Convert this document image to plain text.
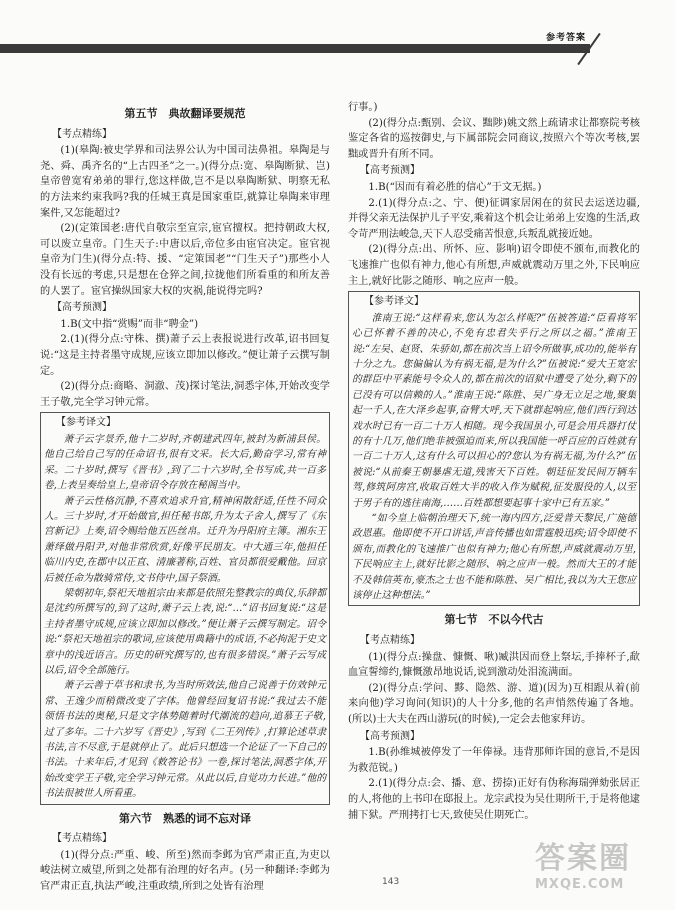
参考答案
第五节　典故翻译要规范
【考点精练】

(1)(皋陶:被史学界和司法界公认为中国司法鼻祖。皋陶是与尧、舜、禹齐名的“上古四圣”之一。)(得分点:宽、皋陶断狱、岂)皇帝曾宽宥弟弟的罪行,您这样做,岂不是以皋陶断狱、明察无私的方法来约束我吗?我的任城王真是国家重臣,就算让皋陶来审理案件,又怎能超过?

(2)(定策国老:唐代自敬宗至宣宗,宦官擅权。把持朝政大权,可以废立皇帝。门生天子:中唐以后,帝位多由宦官决定。宦官视皇帝为门生)(得分点:特、援、“定策国老”“门生天子”)那些小人没有长远的考虑,只是想在仓猝之间,拉拢他们所看重的和所友善的人罢了。宦官操纵国家大权的灾祸,能说得完吗?

【高考预测】

1.B(文中指“赏赐”而非“聘金”)

2.(1)(得分点:守株、撰)萧子云上表报说进行改革,诏书回复说:“这是主持者墨守成规,应该立即加以修改。”便让萧子云撰写制定。

(2)(得分点:商略、洞澈、茂)探讨笔法,洞悉字体,开始改变学王子敬,完全学习钟元常。

【参考译文】

萧子云字景乔,他十二岁时,齐朝建武四年,被封为新浦县侯。他自己给自己写的任命诏书,很有文采。长大后,勤奋学习,常有神采。二十岁时,撰写《晋书》,到了二十六岁时,全书写成,共一百多卷,上表呈奏给皇上,皇帝诏令存放在秘阁当中。

萧子云性格沉静,不喜欢追求升官,精神闲散舒适,任性不同众人。三十岁时,才开始做官,担任秘书郎,升为太子舍人,撰写了《东宫新记》上奏,诏令赐给他五匹丝帛。迁升为丹阳府主簿。湘东王萧绎做丹阳尹,对他非常欣赏,好像平民朋友。中大通三年,他担任临川内史,在郡中以正直、清廉著称,百姓、官员都很爱戴他。回京后被任命为散骑常侍,文书侍中,国子祭酒。

梁朝初年,祭祀天地祖宗由来都是依照先整教宗的典仪,乐辞都是沈约所撰写的,到了这时,萧子云上表,说:“…”诏书回复说:“这是主持者墨守成规,应该立即加以修改。”便让萧子云撰写制定。诏令说:“祭祀天地祖宗的歌词,应该使用典籍中的成语,不必拘泥于史文章中的浅近语言。历史的研究撰写的,也有很多错误。”萧子云写成以后,诏令全部施行。

萧子云善于草书和隶书,为当时所效法,他自己说善于仿效钟元常、王逸少而稍微改变了字体。他曾经回复诏书说:“我过去不能领悟书法的奥秘,只是文字体势随着时代潮流的趋向,追慕王子敬,过了多年。二十六岁写《晋史》,写到《二王列传》,打算论述草隶书法,言不尽意,于是就停止了。此后只想选一个论证了一下自己的书法。十来年后,才见到《敕答论书》一卷,探讨笔法,洞悉字体,开始改变学王子敬,完全学习钟元常。从此以后,自觉功力长进。”他的书法很被世人所看重。

第六节　熟悉的词不忘对译
【考点精练】

(1)(得分点:严重、峻、所至)然而李邺为官严肃正直,为吏以峻法树立威望,所到之处都有治理的好名声。(另一种翻译:李邺为官严肃正直,执法严峻,注重政绩,所到之处皆有治理

行事。)

(2)(得分点:甄别、会议、黜陟)姚文然上疏请求让都察院考核鉴定各省的巡按御史,与下属部院会同商议,按照六个等次考核,罢黜或晋升有所不同。

【高考预测】

1.B(“因而有着必胜的信心”于文无据。)

2.(1)(得分点:之、宁、便)征调家居闲在的贫民去运送边疆,并得父亲无法保护儿子平安,乘着这个机会让弟弟上安逸的生活,政令苛严刑法峻急,天下人忍受痛苦恨意,兵叛乱就接近她。

(2)(得分点:出、所怀、应、影响)诏令即使不颁布,而教化的飞速推广也似有神力,他心有所想,声威就震动万里之外,下民响应主上,就好比影之随形、响之应声一般。

【参考译文】

淮南王说:“这样看来,您认为怎么样呢?”伍被答道:“臣看将军心已怀着不善的决心,不免有忠君失乎行之所以之福。”淮南王说:“左吴、赵贤、朱骄如,都在前次当上诏令所做事,成功的,能举有十分之九。您偏偏认为有祸无福,是为什么?”伍被说:“爱大王宽宏的群臣中平素能号令众人的,都在前次的诏狱中遭受了处分,剩下的已没有可以信赖的人。”淮南王说:“陈胜、吴广身无立足之地,聚集起一千人,在大泽乡起事,奋臂大呼,天下就群起响应,他们西行到达戏水时已有一百二十万人相随。现今我国虽小,可是会用兵器打仗的有十几万,他们绝非被强迫而来,所以我国能一呼百应的百姓就有一百二十万人,这有什么可以担心的?您认为有祸无福,为什么?”伍被说:“从前秦王朝暴虐无道,残害天下百姓。朝廷征发民间万辆车驾,修筑阿房宫,收取百姓大半的收入作为赋税,征发服役的人,以至于男子有的逃往南海,……百姓都想要起事十家中已有五家。”

“如今皇上临朝治理天下,统一海内四方,泛爱普天黎民,广施德政恩惠。他即使不开口讲话,声音传播也如雷霆般迅疾;诏令即使不颁布,而教化的飞速推广也似有神力;他心有所想,声威就震动万里,下民响应主上,就好比影之随形、响之应声一般。然而大王的才能不及韩信英布,豪杰之士也不能和陈胜、吴广相比,我以为大王您应该停止这种想法。”

第七节　不以今代古
【考点精练】

(1)(得分点:操盘、慷慨、啾)臧洪因而登上祭坛,手捧杯子,歃血宣誓缔约,慷慨激昂地说话,说到激动处泪流满面。

(2)(得分点:学问、黟、隐然、游、道)(因为)互相跟从着(前来向他)学习询问(知识)的人十分多,他的名声悄然传遍了各地。(所以)士大夫在西山游玩(的时候),一定会去他家拜访。

【高考预测】

1.B(孙维城被停发了一年俸禄。违背那师许国的意旨,不是因为救范锐。)

2.(1)(得分点:会、播、意、捞捺)正好有伪称海瑞弹劾张居正的人,将他的上书印在邸报上。龙宗武投为吴仕期所干,于是将他逮捕下狱。严刑拷打七天,致使吴仕期死亡。

143
答案圈
MXQE.COM
